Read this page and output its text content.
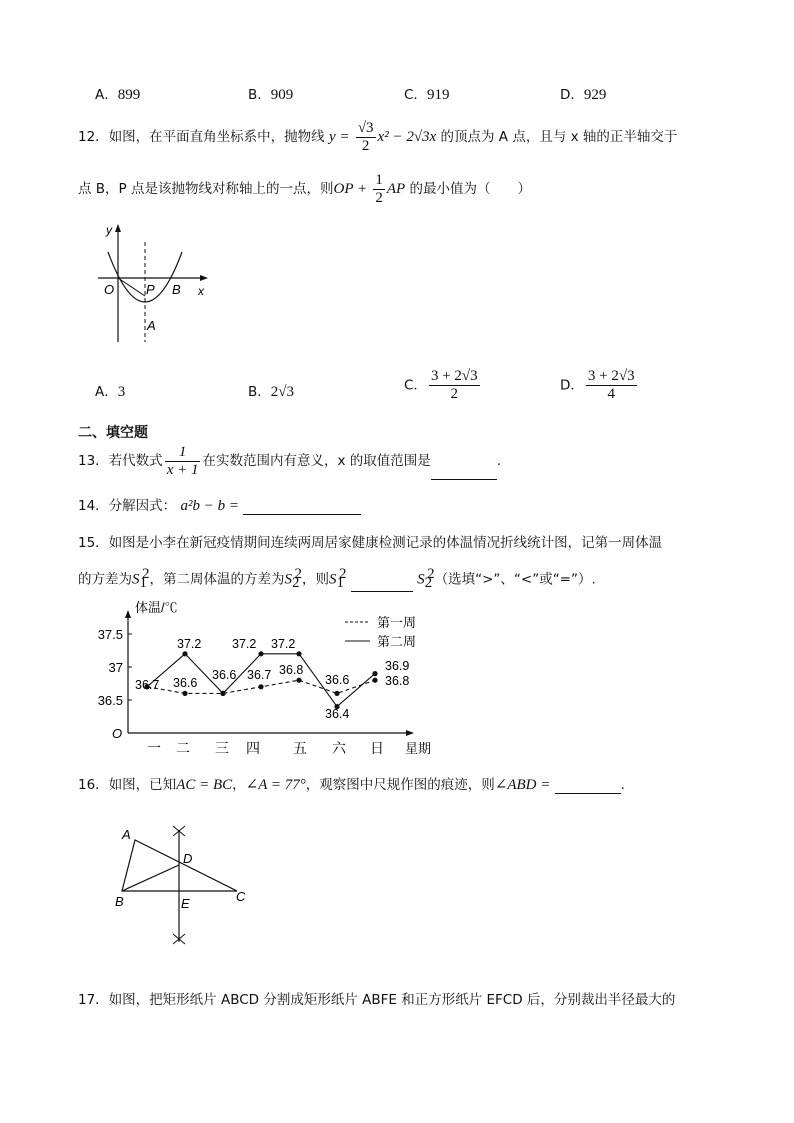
A．899	B．909	C．919	D．929
12．如图，在平面直角坐标系中，抛物线 $y = \frac{√3}{2} x^2 - 2√3x$ 的顶点为 A 点，且与 x 轴的正半轴交于
点 B，P 点是该抛物线对称轴上的一点，则OP + $\frac{1}{2}$ AP 的最小值为（　　）
y
x
O P B
A
A．3	B．2√3	C． $\frac{3 + 2√3}{2}$	D． $\frac{3 + 2√3}{4}$
二、填空题
13．若代数式 $\frac{1}{x + 1}$ 在实数范围内有意义，x 的取值范围是	.
14．分解因式： a²b − b =
15．如图是小李在新冠疫情期间连续两周居家健康检测记录的体温情况折线统计图，记第一周体温
的方差为$S_1^2$，第二周体温的方差为$S_2^2$，则$S_1^2$	$S_2^2$（选填“>”、“<”或“=”）.
体温/℃
星期
O
第一周
第二周
37.5
37
36.5
一 二 三 四 五 六 日
36.7
37.2
36.6
36.6
37.2
36.7
37.2
36.8
36.6
36.4
36.9
36.8
16．如图，已知AC = BC，∠A = 77°，观察图中尺规作图的痕迹，则∠ABD =	.
A
B	C
D
E
17．如图，把矩形纸片 ABCD 分割成矩形纸片 ABFE 和正方形纸片 EFCD 后，分别裁出半径最大的
